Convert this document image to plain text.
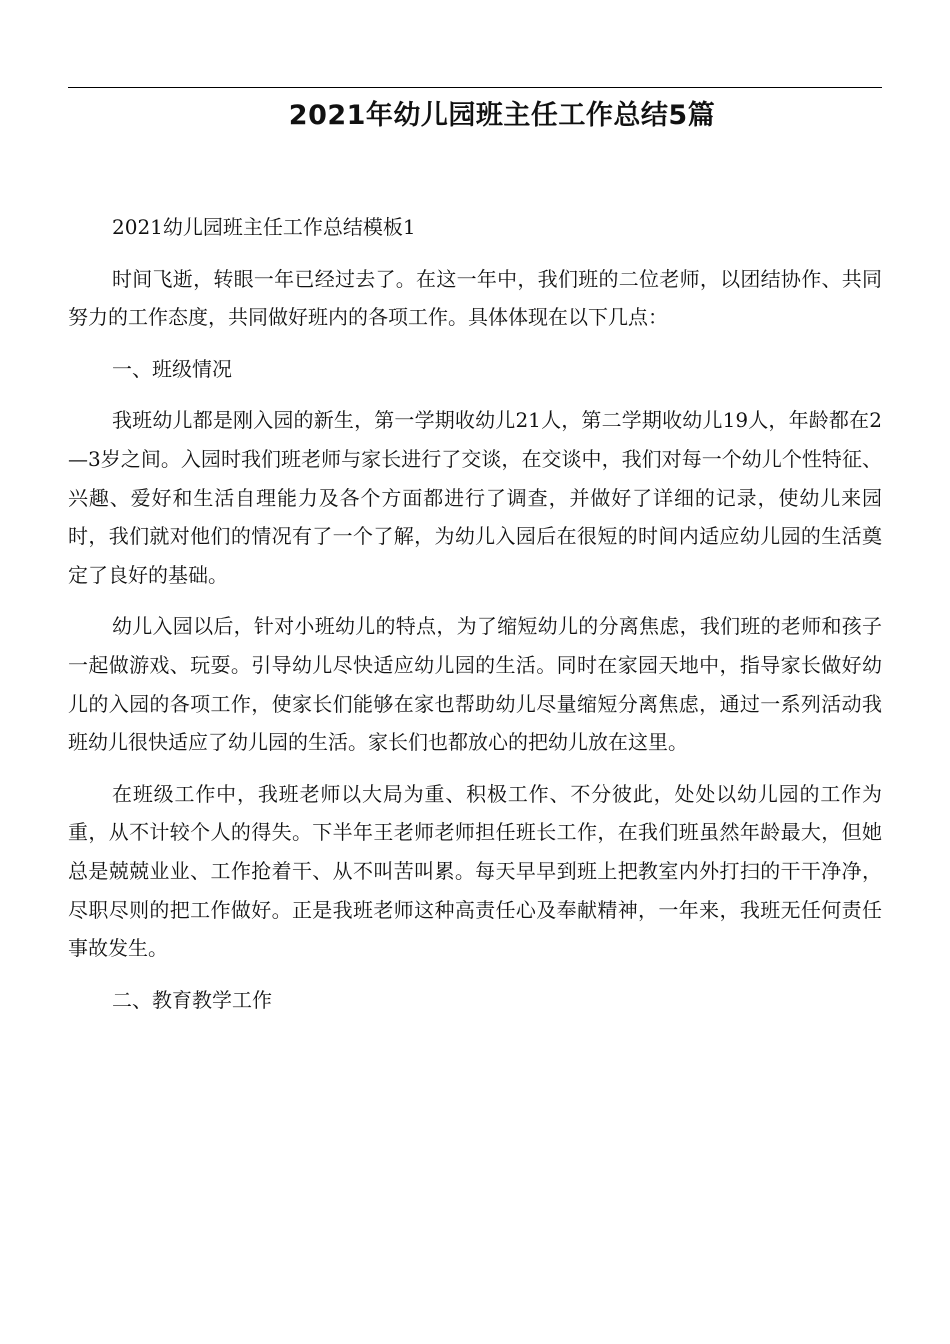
2021年幼儿园班主任工作总结5篇

2021幼儿园班主任工作总结模板1

时间飞逝，转眼一年已经过去了。在这一年中，我们班的二位老师，以团结协作、共同努力的工作态度，共同做好班内的各项工作。具体体现在以下几点：

一、班级情况

我班幼儿都是刚入园的新生，第一学期收幼儿21人，第二学期收幼儿19人，年龄都在2—3岁之间。入园时我们班老师与家长进行了交谈，在交谈中，我们对每一个幼儿个性特征、兴趣、爱好和生活自理能力及各个方面都进行了调查，并做好了详细的记录，使幼儿来园时，我们就对他们的情况有了一个了解，为幼儿入园后在很短的时间内适应幼儿园的生活奠定了良好的基础。

幼儿入园以后，针对小班幼儿的特点，为了缩短幼儿的分离焦虑，我们班的老师和孩子一起做游戏、玩耍。引导幼儿尽快适应幼儿园的生活。同时在家园天地中，指导家长做好幼儿的入园的各项工作，使家长们能够在家也帮助幼儿尽量缩短分离焦虑，通过一系列活动我班幼儿很快适应了幼儿园的生活。家长们也都放心的把幼儿放在这里。

在班级工作中，我班老师以大局为重、积极工作、不分彼此，处处以幼儿园的工作为重，从不计较个人的得失。下半年王老师老师担任班长工作，在我们班虽然年龄最大，但她总是兢兢业业、工作抢着干、从不叫苦叫累。每天早早到班上把教室内外打扫的干干净净，尽职尽则的把工作做好。正是我班老师这种高责任心及奉献精神，一年来，我班无任何责任事故发生。

二、教育教学工作
